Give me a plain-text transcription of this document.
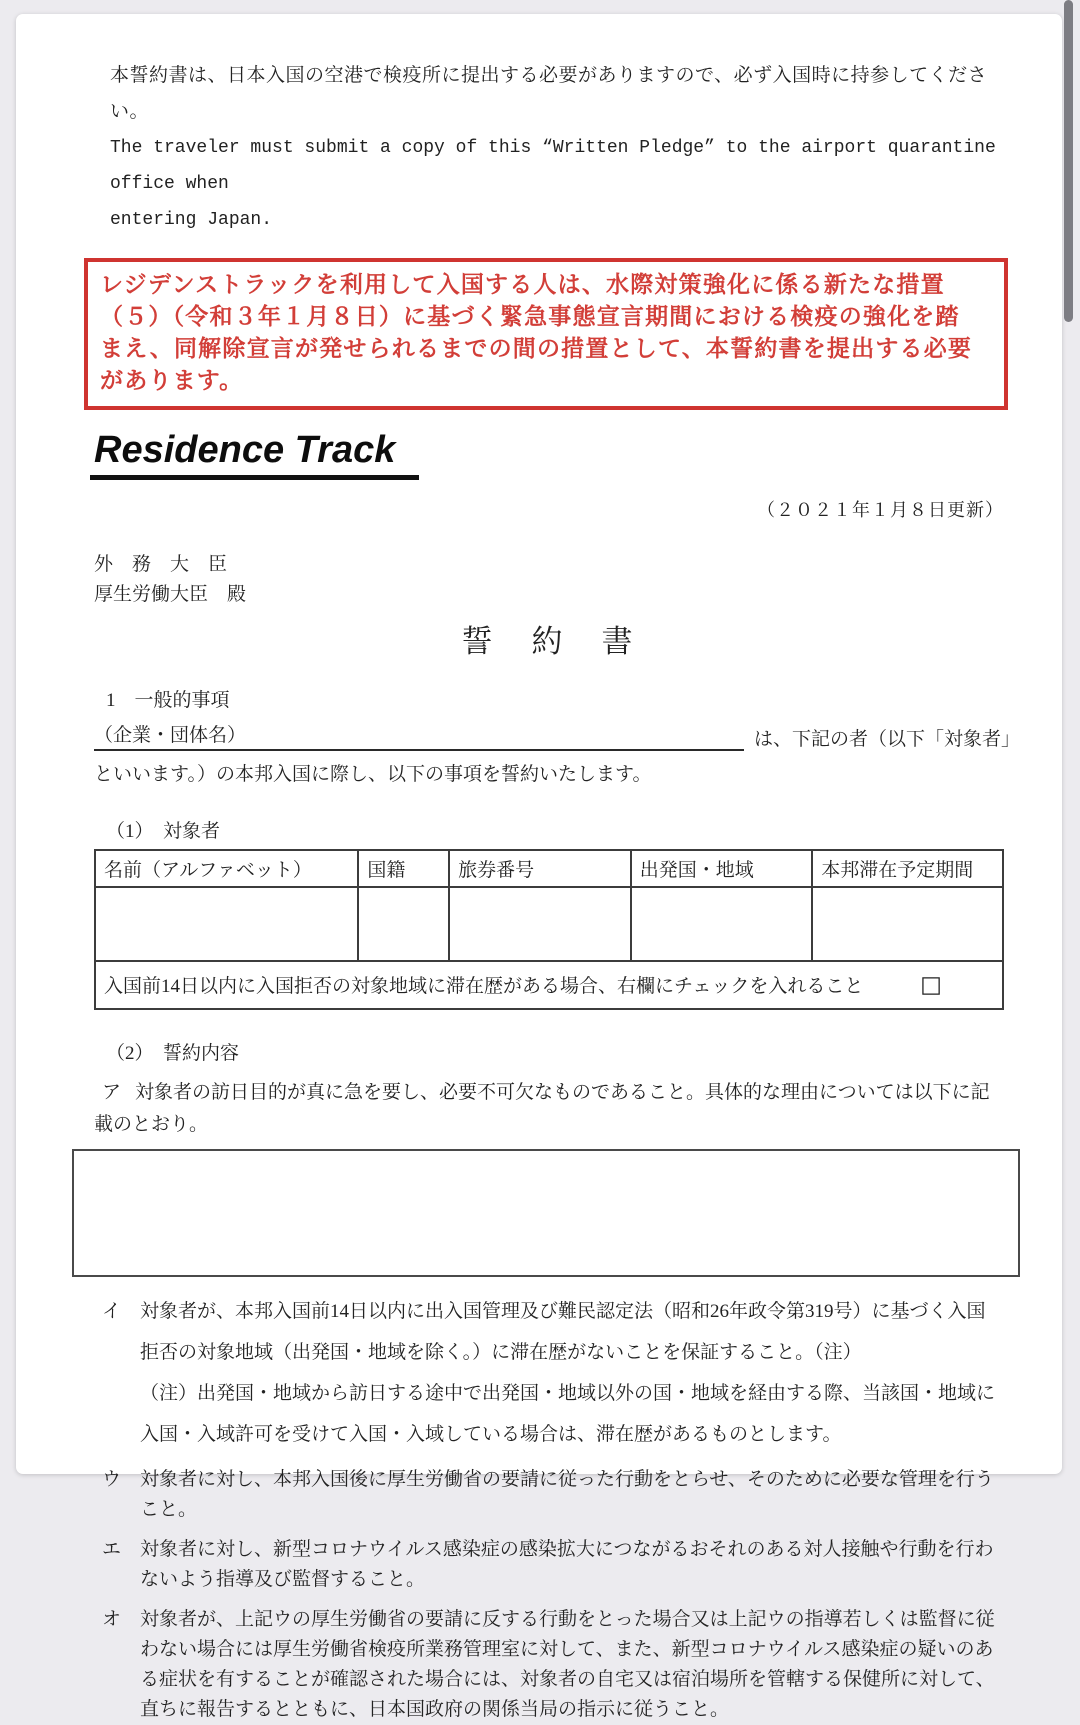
本誓約書は、日本入国の空港で検疫所に提出する必要がありますので、必ず入国時に持参してください。
The traveler must submit a copy of this “Written Pledge” to the airport quarantine office when
entering Japan.
レジデンストラックを利用して入国する人は、水際対策強化に係る新たな措置
（５）（令和３年１月８日）に基づく緊急事態宣言期間における検疫の強化を踏
まえ、同解除宣言が発せられるまでの間の措置として、本誓約書を提出する必要
があります。
Residence Track
（２０２１年１月８日更新）
外　務　大　臣
厚生労働大臣　殿
誓　約　書
1　一般的事項
（企業・団体名）	は、下記の者（以下「対象者」
といいます。）の本邦入国に際し、以下の事項を誓約いたします。
（1）　対象者
名前（アルファベット）	国籍	旅券番号	出発国・地域	本邦滞在予定期間

入国前14日以内に入国拒否の対象地域に滞在歴がある場合、右欄にチェックを入れること □				
（2）　誓約内容
ア 対象者の訪日目的が真に急を要し、必要不可欠なものであること。具体的な理由については以下に記載のとおり。
イ 対象者が、本邦入国前14日以内に出入国管理及び難民認定法（昭和26年政令第319号）に基づく入国拒否の対象地域（出発国・地域を除く。）に滞在歴がないことを保証すること。（注）
（注）出発国・地域から訪日する途中で出発国・地域以外の国・地域を経由する際、当該国・地域に入国・入域許可を受けて入国・入域している場合は、滞在歴があるものとします。
ウ 対象者に対し、本邦入国後に厚生労働省の要請に従った行動をとらせ、そのために必要な管理を行うこと。
エ 対象者に対し、新型コロナウイルス感染症の感染拡大につながるおそれのある対人接触や行動を行わないよう指導及び監督すること。
オ 対象者が、上記ウの厚生労働省の要請に反する行動をとった場合又は上記ウの指導若しくは監督に従わない場合には厚生労働省検疫所業務管理室に対して、また、新型コロナウイルス感染症の疑いのある症状を有することが確認された場合には、対象者の自宅又は宿泊場所を管轄する保健所に対して、直ちに報告するとともに、日本国政府の関係当局の指示に従うこと。
